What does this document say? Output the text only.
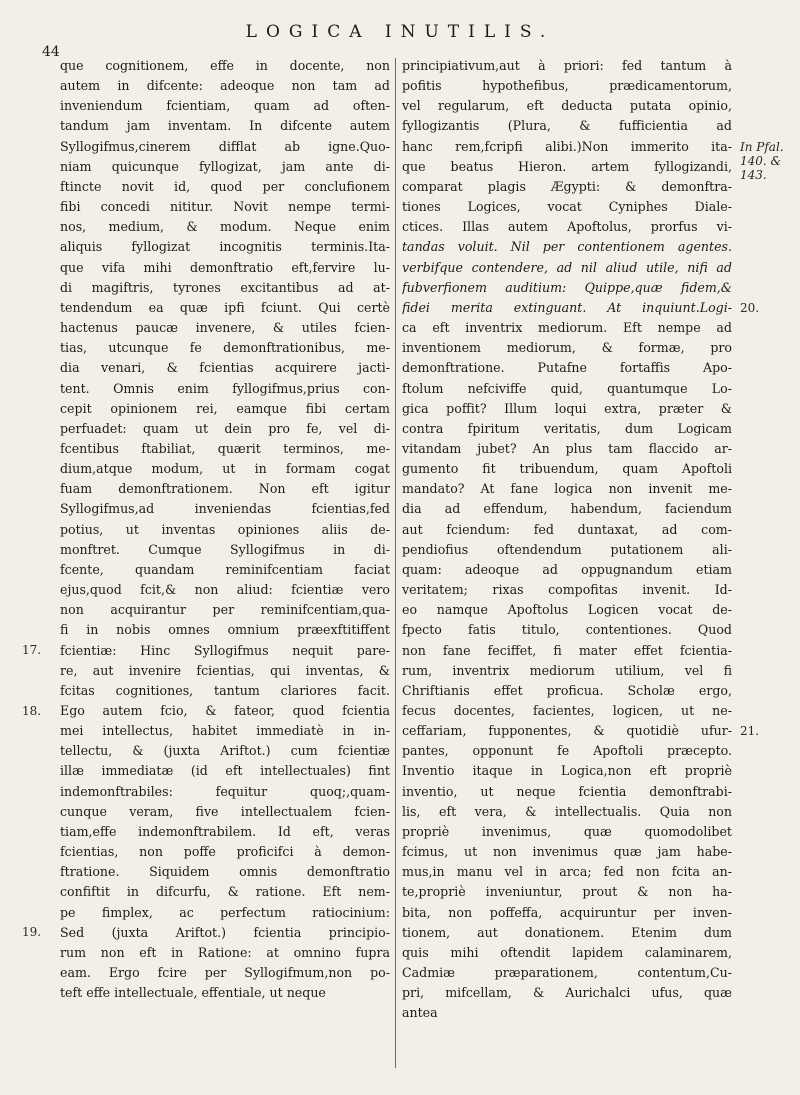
44
LOGICA INUTILIS.
que cognitionem, effe in docente, non
autem in difcente: adeoque non tam ad
inveniendum fcientiam, quam ad often-
tandum jam inventam. In difcente autem
Syllogifmus,cinerem difflat ab igne.Quo-
niam quicunque fyllogizat, jam ante di-
ftincte novit id, quod per conclufionem
fibi concedi nititur. Novit nempe termi-
nos, medium, & modum. Neque enim
aliquis fyllogizat incognitis terminis.Ita-
que vifa mihi demonftratio eft,fervire lu-
di magiftris, tyrones excitantibus ad at-
tendendum ea quæ ipfi fciunt. Qui certè
hactenus paucæ invenere, & utiles fcien-
tias, utcunque fe demonftrationibus, me-
dia venari, & fcientias acquirere jacti-
tent. Omnis enim fyllogifmus,prius con-
cepit opinionem rei, eamque fibi certam
perfuadet: quam ut dein pro fe, vel di-
fcentibus ftabiliat, quærit terminos, me-
dium,atque modum, ut in formam cogat
fuam demonftrationem. Non eft igitur
Syllogifmus,ad inveniendas fcientias,fed
potius, ut inventas opiniones aliis de-
monftret. Cumque Syllogifmus in di-
fcente, quandam reminifcentiam faciat
ejus,quod fcit,& non aliud: fcientiæ vero
non acquirantur per reminifcentiam,qua-
fi in nobis omnes omnium præexftitiffent
fcientiæ: Hinc Syllogifmus nequit pare-
re, aut invenire fcientias, qui inventas, &
fcitas cognitiones, tantum clariores facit.
Ego autem fcio, & fateor, quod fcientia
mei intellectus, habitet immediatè in in-
tellectu, & (juxta Ariftot.) cum fcientiæ
illæ immediatæ (id eft intellectuales) fint
indemonftrabiles: fequitur quoq;,quam-
cunque veram, five intellectualem fcien-
tiam,effe indemonftrabilem. Id eft, veras
fcientias, non poffe proficifci à demon-
ftratione. Siquidem omnis demonftratio
confiftit in difcurfu, & ratione. Eft nem-
pe fimplex, ac perfectum ratiocinium:
Sed (juxta Ariftot.) fcientia principio-
rum non eft in Ratione: at omnino fupra
eam. Ergo fcire per Syllogifmum,non po-
teft effe intellectuale, effentiale, ut neque
principiativum,aut à priori: fed tantum à
pofitis hypothefibus, prædicamentorum,
vel regularum, eft deducta putata opinio,
fyllogizantis (Plura, & fufficientia ad
hanc rem,fcripfi alibi.)Non immerito ita-
que beatus Hieron. artem fyllogizandi,
comparat plagis Ægypti: & demonftra-
tiones Logices, vocat Cyniphes Diale-
ctices. Illas autem Apoftolus, prorfus vi-
tandas voluit. Nil per contentionem agentes.
verbifque contendere, ad nil aliud utile, nifi ad
fubverfionem auditium: Quippe,quæ fidem,&
fidei merita extinguant. At inquiunt.Logi-
ca eft inventrix mediorum. Eft nempe ad
inventionem mediorum, & formæ, pro
demonftratione. Putafne fortaffis Apo-
ftolum nefciviffe quid, quantumque Lo-
gica poffit? Illum loqui extra, præter &
contra fpiritum veritatis, dum Logicam
vitandam jubet? An plus tam flaccido ar-
gumento fit tribuendum, quam Apoftoli
mandato? At fane logica non invenit me-
dia ad effendum, habendum, faciendum
aut fciendum: fed duntaxat, ad com-
pendiofius oftendendum putationem ali-
quam: adeoque ad oppugnandum etiam
veritatem; rixas compofitas invenit. Id-
eo namque Apoftolus Logicen vocat de-
fpecto fatis titulo, contentiones. Quod
non fane feciffet, fi mater effet fcientia-
rum, inventrix mediorum utilium, vel fi
Chriftianis effet proficua. Scholæ ergo,
fecus docentes, facientes, logicen, ut ne-
ceffariam, fupponentes, & quotidiè ufur-
pantes, opponunt fe Apoftoli præcepto.
Inventio itaque in Logica,non eft propriè
inventio, ut neque fcientia demonftrabi-
lis, eft vera, & intellectualis. Quia non
propriè invenimus, quæ quomodolibet
fcimus, ut non invenimus quæ jam habe-
mus,in manu vel in arca; fed non fcita an-
te,propriè inveniuntur, prout & non ha-
bita, non poffeffa, acquiruntur per inven-
tionem, aut donationem. Etenim dum
quis mihi oftendit lapidem calaminarem,
Cadmiæ præparationem, contentum,Cu-
pri, mifcellam, & Aurichalci ufus, quæ
antea
17.
18.
19.
In Pfal.
140. &
143.
20.
21.
